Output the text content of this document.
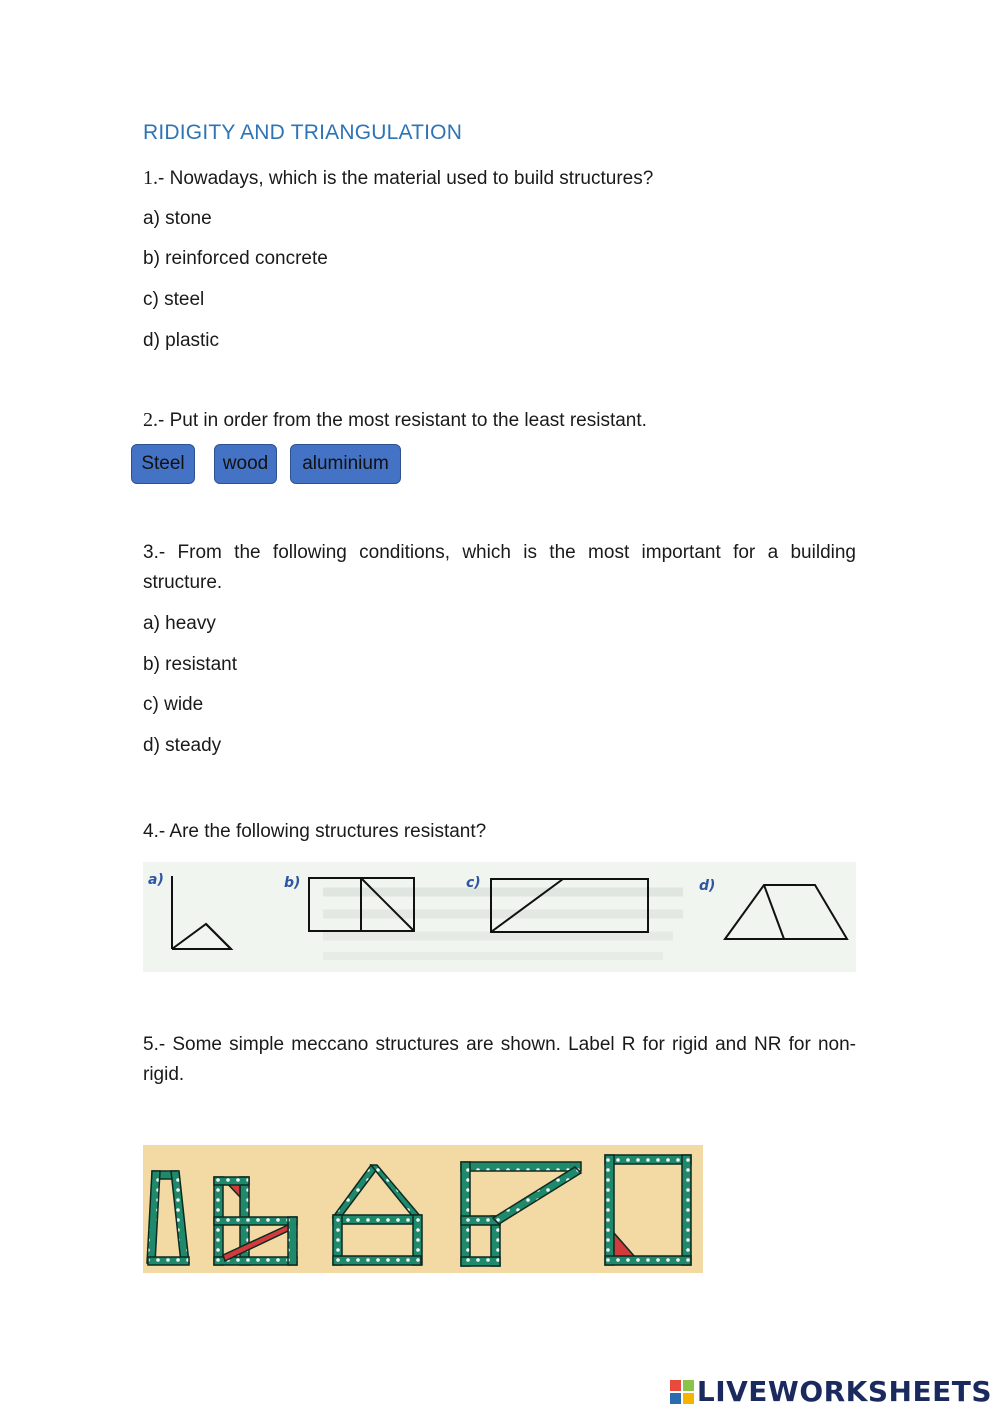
RIDIGITY AND TRIANGULATION
1.- Nowadays, which is the material used to build structures?
a) stone
b) reinforced concrete
c) steel
d) plastic
2.- Put in order from the most resistant to the least resistant.
Steel	wood	aluminium
3.- From the following conditions, which is the most important for a building
structure.
a) heavy
b) resistant
c) wide
d) steady
4.- Are the following structures resistant?
a)	b)	c)	d)
5.- Some simple meccano structures are shown. Label R for rigid and NR for non-
rigid.
LIVEWORKSHEETS
